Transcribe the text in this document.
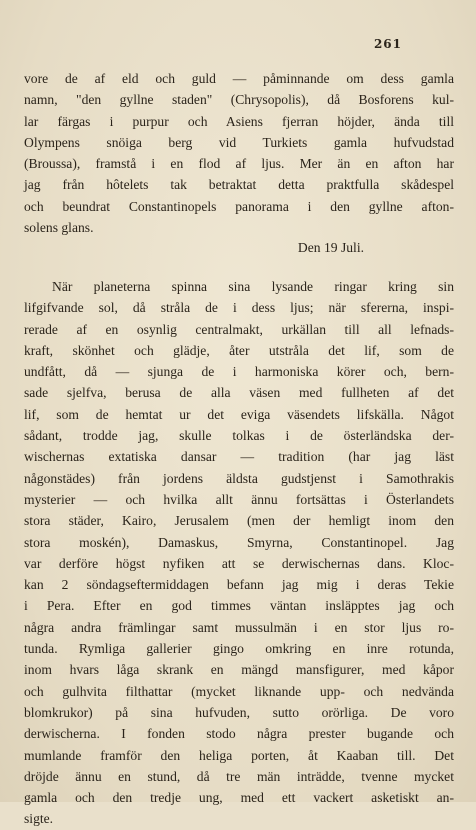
261
vore de af eld och guld — påminnande om dess gamla
namn, "den gyllne staden" (Chrysopolis), då Bosforens kul-
lar färgas i purpur och Asiens fjerran höjder, ända till
Olympens snöiga berg vid Turkiets gamla hufvudstad
(Broussa), framstå i en flod af ljus. Mer än en afton har
jag från hôtelets tak betraktat detta praktfulla skådespel
och beundrat Constantinopels panorama i den gyllne afton-
solens glans.
Den 19 Juli.
När planeterna spinna sina lysande ringar kring sin
lifgifvande sol, då stråla de i dess ljus; när sfererna, inspi-
rerade af en osynlig centralmakt, urkällan till all lefnads-
kraft, skönhet och glädje, åter utstråla det lif, som de
undfått, då — sjunga de i harmoniska körer och, bern-
sade sjelfva, berusa de alla väsen med fullheten af det
lif, som de hemtat ur det eviga väsendets lifskälla. Något
sådant, trodde jag, skulle tolkas i de österländska der-
wischernas extatiska dansar — tradition (har jag läst
någonstädes) från jordens äldsta gudstjenst i Samothrakis
mysterier — och hvilka allt ännu fortsättas i Österlandets
stora städer, Kairo, Jerusalem (men der hemligt inom den
stora moskén), Damaskus, Smyrna, Constantinopel. Jag
var derföre högst nyfiken att se derwischernas dans. Kloc-
kan 2 söndagseftermiddagen befann jag mig i deras Tekie
i Pera. Efter en god timmes väntan insläpptes jag och
några andra främlingar samt mussulmän i en stor ljus ro-
tunda. Rymliga gallerier gingo omkring en inre rotunda,
inom hvars låga skrank en mängd mansfigurer, med kåpor
och gulhvita filthattar (mycket liknande upp- och nedvända
blomkrukor) på sina hufvuden, sutto orörliga. De voro
derwischerna. I fonden stodo några prester bugande och
mumlande framför den heliga porten, åt Kaaban till. Det
dröjde ännu en stund, då tre män inträdde, tvenne mycket
gamla och den tredje ung, med ett vackert asketiskt an-
sigte.
